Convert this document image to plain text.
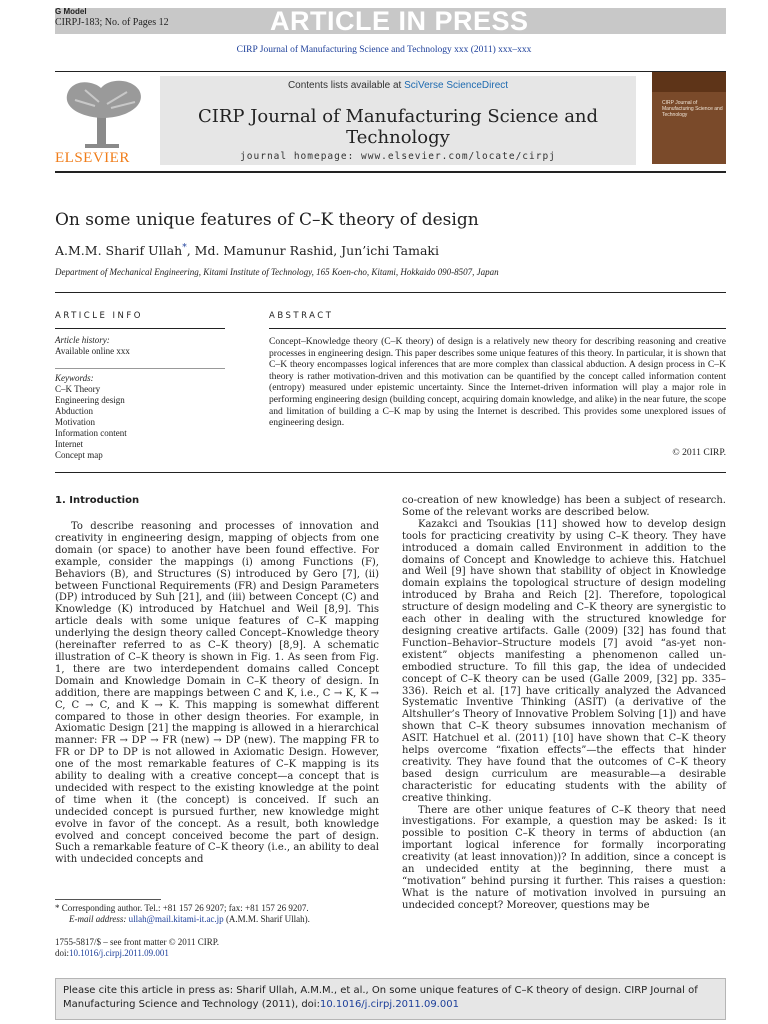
G Model
CIRPJ-183; No. of Pages 12	ARTICLE IN PRESS
CIRP Journal of Manufacturing Science and Technology xxx (2011) xxx–xxx
ELSEVIER
Contents lists available at SciVerse ScienceDirect
CIRP Journal of Manufacturing Science and Technology
journal homepage: www.elsevier.com/locate/cirpj
CIRP Journal of Manufacturing Science and Technology
On some unique features of C–K theory of design
A.M.M. Sharif Ullah*, Md. Mamunur Rashid, Jun’ichi Tamaki
Department of Mechanical Engineering, Kitami Institute of Technology, 165 Koen-cho, Kitami, Hokkaido 090-8507, Japan
ARTICLE INFO
Article history:
Available online xxx
Keywords:
C–K Theory
Engineering design
Abduction
Motivation
Information content
Internet
Concept map
ABSTRACT
Concept–Knowledge theory (C–K theory) of design is a relatively new theory for describing reasoning and creative processes in engineering design. This paper describes some unique features of this theory. In particular, it is shown that C–K theory encompasses logical inferences that are more complex than classical abduction. A design process in C–K theory is rather motivation-driven and this motivation can be quantified by the concept called information content (entropy) measured under epistemic uncertainty. Since the Internet-driven information will play a major role in performing engineering design (building concept, acquiring domain knowledge, and alike) in the near future, the scope and limitation of building a C–K map by using the Internet is described. This provides some unexplored issues of engineering design.
© 2011 CIRP.
1. Introduction

To describe reasoning and processes of innovation and creativity in engineering design, mapping of objects from one domain (or space) to another have been found effective. For example, consider the mappings (i) among Functions (F), Behaviors (B), and Structures (S) introduced by Gero [7], (ii) between Functional Requirements (FR) and Design Parameters (DP) introduced by Suh [21], and (iii) between Concept (C) and Knowledge (K) introduced by Hatchuel and Weil [8,9]. This article deals with some unique features of C–K mapping underlying the design theory called Concept–Knowledge theory (hereinafter referred to as C–K theory) [8,9]. A schematic illustration of C–K theory is shown in Fig. 1. As seen from Fig. 1, there are two interdependent domains called Concept Domain and Knowledge Domain in C–K theory of design. In addition, there are mappings between C and K, i.e., C → K, K → C, C → C, and K → K. This mapping is somewhat different compared to those in other design theories. For example, in Axiomatic Design [21] the mapping is allowed in a hierarchical manner: FR → DP → FR (new) → DP (new). The mapping FR to FR or DP to DP is not allowed in Axiomatic Design. However, one of the most remarkable features of C–K mapping is its ability to dealing with a creative concept—a concept that is undecided with respect to the existing knowledge at the point of time when it (the concept) is conceived. If such an undecided concept is pursued further, new knowledge might evolve in favor of the concept. As a result, both knowledge evolved and concept conceived become the part of design. Such a remarkable feature of C–K theory (i.e., an ability to deal with undecided concepts and

co-creation of new knowledge) has been a subject of research. Some of the relevant works are described below.

Kazakci and Tsoukias [11] showed how to develop design tools for practicing creativity by using C–K theory. They have introduced a domain called Environment in addition to the domains of Concept and Knowledge to achieve this. Hatchuel and Weil [9] have shown that stability of object in Knowledge domain explains the topological structure of design modeling introduced by Braha and Reich [2]. Therefore, topological structure of design modeling and C–K theory are synergistic to each other in dealing with the structured knowledge for designing creative artifacts. Galle (2009) [32] has found that Function–Behavior–Structure models [7] avoid “as-yet non-existent” objects manifesting a phenomenon called un-embodied structure. To fill this gap, the idea of undecided concept of C–K theory can be used (Galle 2009, [32] pp. 335–336). Reich et al. [17] have critically analyzed the Advanced Systematic Inventive Thinking (ASIT) (a derivative of the Altshuller’s Theory of Innovative Problem Solving [1]) and have shown that C–K theory subsumes innovation mechanism of ASIT. Hatchuel et al. (2011) [10] have shown that C–K theory helps overcome “fixation effects”—the effects that hinder creativity. They have found that the outcomes of C–K theory based design curriculum are measurable—a desirable characteristic for educating students with the ability of creative thinking.

There are other unique features of C–K theory that need investigations. For example, a question may be asked: Is it possible to position C–K theory in terms of abduction (an important logical inference for formally incorporating creativity (at least innovation))? In addition, since a concept is an undecided entity at the beginning, there must a “motivation” behind pursing it further. This raises a question: What is the nature of motivation involved in pursuing an undecided concept? Moreover, questions may be

* Corresponding author. Tel.: +81 157 26 9207; fax: +81 157 26 9207.
E-mail address: ullah@mail.kitami-it.ac.jp (A.M.M. Sharif Ullah).
1755-5817/$ – see front matter © 2011 CIRP.
doi:10.1016/j.cirpj.2011.09.001
Please cite this article in press as: Sharif Ullah, A.M.M., et al., On some unique features of C–K theory of design. CIRP Journal of Manufacturing Science and Technology (2011), doi:10.1016/j.cirpj.2011.09.001
